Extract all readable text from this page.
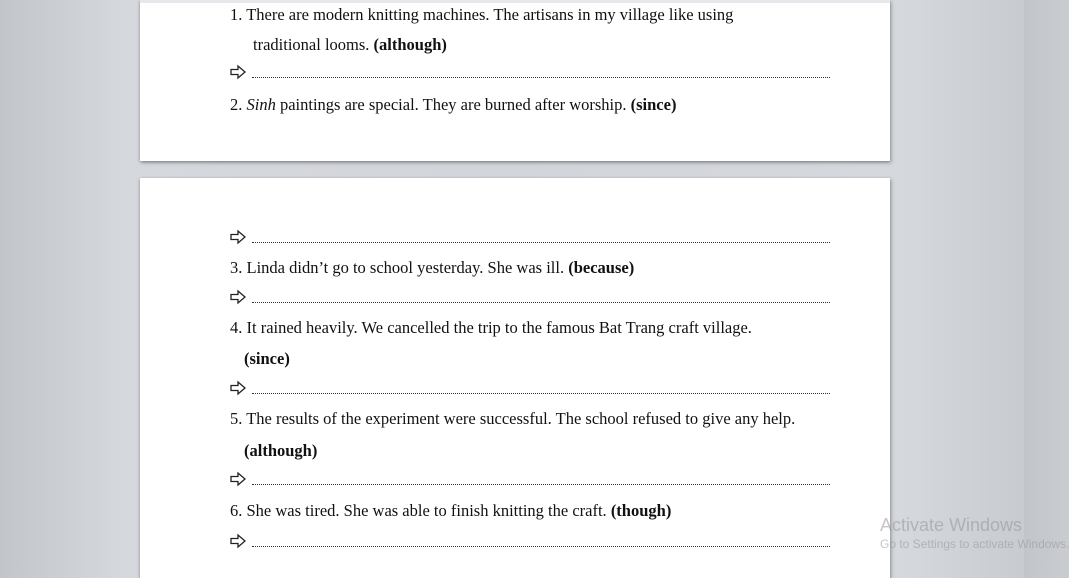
1. There are modern knitting machines. The artisans in my village like using
traditional looms. (although)
2. Sinh paintings are special. They are burned after worship. (since)
3. Linda didn’t go to school yesterday. She was ill. (because)
4. It rained heavily. We cancelled the trip to the famous Bat Trang craft village.
(since)
5. The results of the experiment were successful. The school refused to give any help.
(although)
6. She was tired. She was able to finish knitting the craft. (though)
Activate Windows
Go to Settings to activate Windows.
